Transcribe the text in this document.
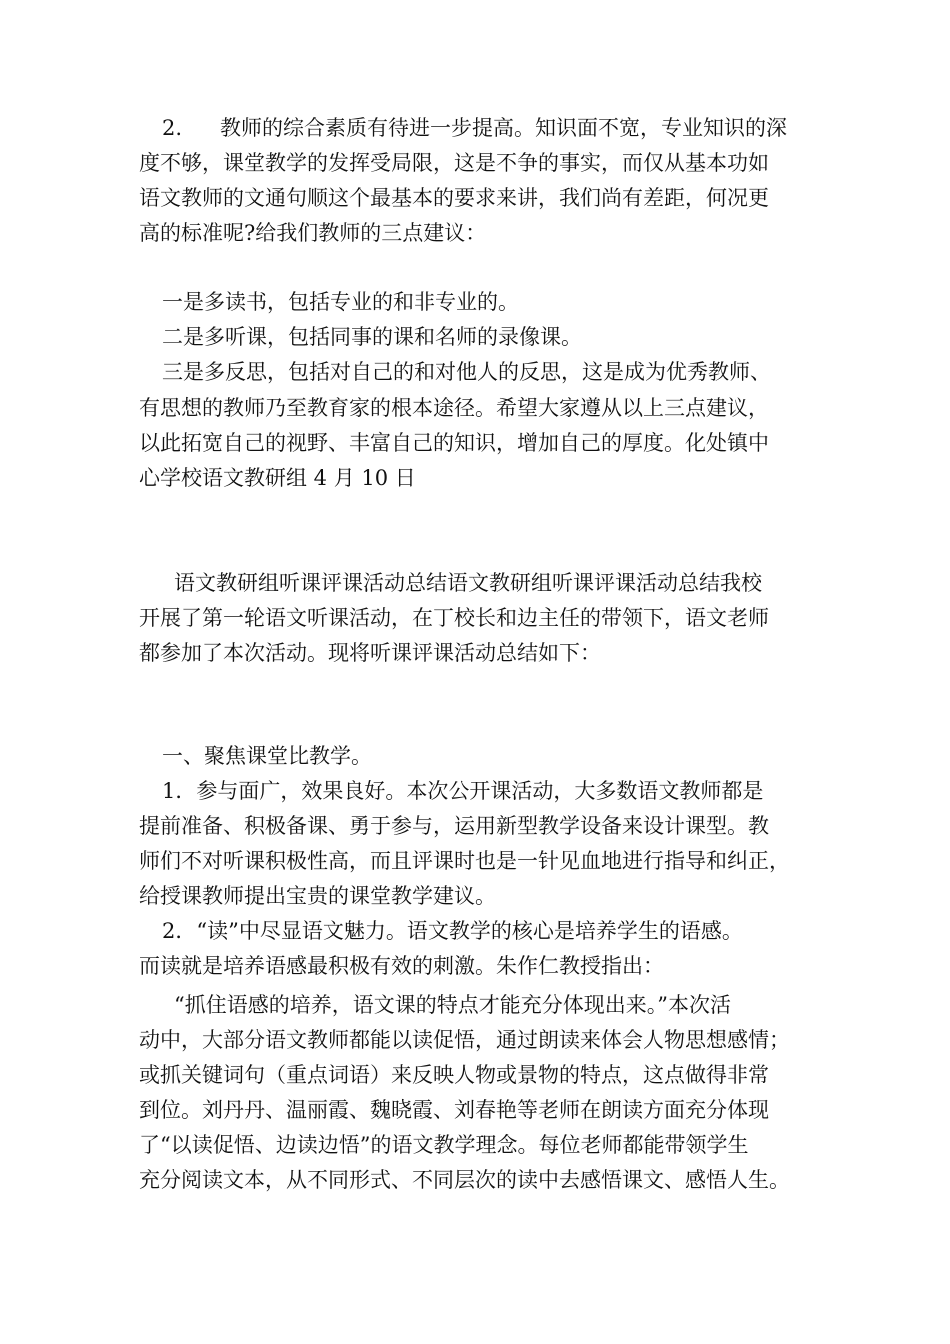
2. 教师的综合素质有待进一步提高。知识面不宽，专业知识的深

度不够，课堂教学的发挥受局限，这是不争的事实，而仅从基本功如

语文教师的文通句顺这个最基本的要求来讲，我们尚有差距，何况更

高的标准呢?给我们教师的三点建议：

一是多读书，包括专业的和非专业的。

二是多听课，包括同事的课和名师的录像课。

三是多反思，包括对自己的和对他人的反思，这是成为优秀教师、

有思想的教师乃至教育家的根本途径。希望大家遵从以上三点建议，

以此拓宽自己的视野、丰富自己的知识，增加自己的厚度。化处镇中

心学校语文教研组 4 月 10 日

语文教研组听课评课活动总结语文教研组听课评课活动总结我校

开展了第一轮语文听课活动，在丁校长和边主任的带领下，语文老师

都参加了本次活动。现将听课评课活动总结如下：

一、聚焦课堂比教学。

1．参与面广，效果良好。本次公开课活动，大多数语文教师都是

提前准备、积极备课、勇于参与，运用新型教学设备来设计课型。教

师们不对听课积极性高，而且评课时也是一针见血地进行指导和纠正，

给授课教师提出宝贵的课堂教学建议。

2．“读”中尽显语文魅力。语文教学的核心是培养学生的语感。

而读就是培养语感最积极有效的刺激。朱作仁教授指出：

“抓住语感的培养，语文课的特点才能充分体现出来。”本次活

动中，大部分语文教师都能以读促悟，通过朗读来体会人物思想感情；

或抓关键词句（重点词语）来反映人物或景物的特点，这点做得非常

到位。刘丹丹、温丽霞、魏晓霞、刘春艳等老师在朗读方面充分体现

了“以读促悟、边读边悟”的语文教学理念。每位老师都能带领学生

充分阅读文本，从不同形式、不同层次的读中去感悟课文、感悟人生。
